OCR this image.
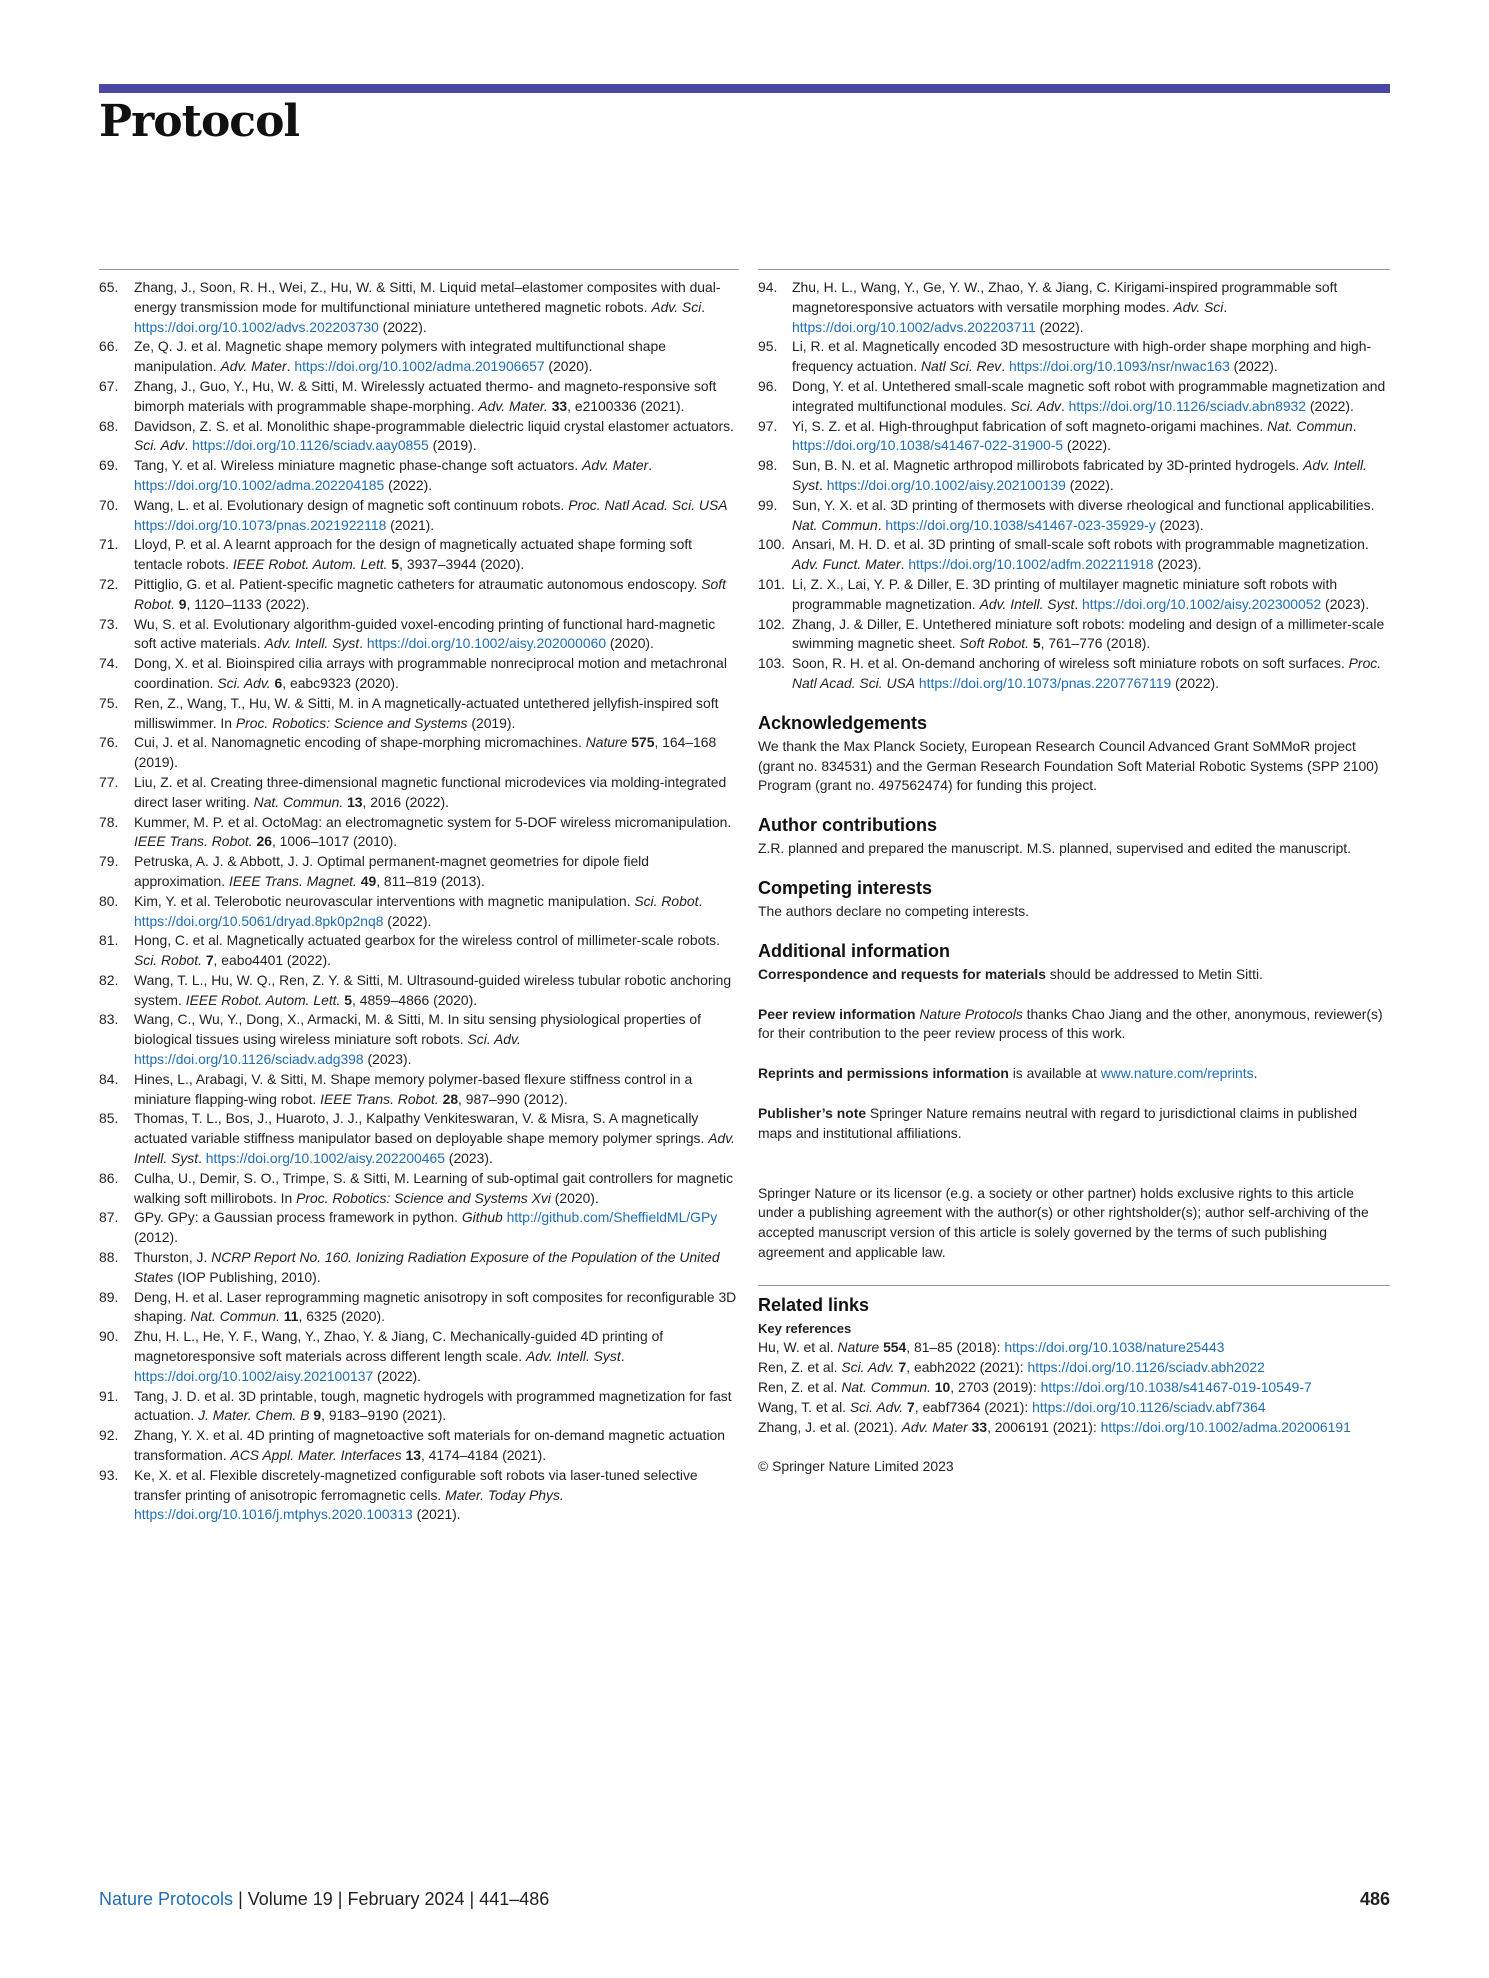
Protocol
65.	Zhang, J., Soon, R. H., Wei, Z., Hu, W. & Sitti, M. Liquid metal–elastomer composites with dual-energy transmission mode for multifunctional miniature untethered magnetic robots. Adv. Sci. https://doi.org/10.1002/advs.202203730 (2022).
66.	Ze, Q. J. et al. Magnetic shape memory polymers with integrated multifunctional shape manipulation. Adv. Mater. https://doi.org/10.1002/adma.201906657 (2020).
67.	Zhang, J., Guo, Y., Hu, W. & Sitti, M. Wirelessly actuated thermo- and magneto-responsive soft bimorph materials with programmable shape-morphing. Adv. Mater. 33, e2100336 (2021).
68.	Davidson, Z. S. et al. Monolithic shape-programmable dielectric liquid crystal elastomer actuators. Sci. Adv. https://doi.org/10.1126/sciadv.aay0855 (2019).
69.	Tang, Y. et al. Wireless miniature magnetic phase-change soft actuators. Adv. Mater. https://doi.org/10.1002/adma.202204185 (2022).
70.	Wang, L. et al. Evolutionary design of magnetic soft continuum robots. Proc. Natl Acad. Sci. USA https://doi.org/10.1073/pnas.2021922118 (2021).
71.	Lloyd, P. et al. A learnt approach for the design of magnetically actuated shape forming soft tentacle robots. IEEE Robot. Autom. Lett. 5, 3937–3944 (2020).
72.	Pittiglio, G. et al. Patient-specific magnetic catheters for atraumatic autonomous endoscopy. Soft Robot. 9, 1120–1133 (2022).
73.	Wu, S. et al. Evolutionary algorithm-guided voxel-encoding printing of functional hard-magnetic soft active materials. Adv. Intell. Syst. https://doi.org/10.1002/aisy.202000060 (2020).
74.	Dong, X. et al. Bioinspired cilia arrays with programmable nonreciprocal motion and metachronal coordination. Sci. Adv. 6, eabc9323 (2020).
75.	Ren, Z., Wang, T., Hu, W. & Sitti, M. in A magnetically-actuated untethered jellyfish-inspired soft milliswimmer. In Proc. Robotics: Science and Systems (2019).
76.	Cui, J. et al. Nanomagnetic encoding of shape-morphing micromachines. Nature 575, 164–168 (2019).
77.	Liu, Z. et al. Creating three-dimensional magnetic functional microdevices via molding-integrated direct laser writing. Nat. Commun. 13, 2016 (2022).
78.	Kummer, M. P. et al. OctoMag: an electromagnetic system for 5-DOF wireless micromanipulation. IEEE Trans. Robot. 26, 1006–1017 (2010).
79.	Petruska, A. J. & Abbott, J. J. Optimal permanent-magnet geometries for dipole field approximation. IEEE Trans. Magnet. 49, 811–819 (2013).
80.	Kim, Y. et al. Telerobotic neurovascular interventions with magnetic manipulation. Sci. Robot. https://doi.org/10.5061/dryad.8pk0p2nq8 (2022).
81.	Hong, C. et al. Magnetically actuated gearbox for the wireless control of millimeter-scale robots. Sci. Robot. 7, eabo4401 (2022).
82.	Wang, T. L., Hu, W. Q., Ren, Z. Y. & Sitti, M. Ultrasound-guided wireless tubular robotic anchoring system. IEEE Robot. Autom. Lett. 5, 4859–4866 (2020).
83.	Wang, C., Wu, Y., Dong, X., Armacki, M. & Sitti, M. In situ sensing physiological properties of biological tissues using wireless miniature soft robots. Sci. Adv. https://doi.org/10.1126/sciadv.adg398 (2023).
84.	Hines, L., Arabagi, V. & Sitti, M. Shape memory polymer-based flexure stiffness control in a miniature flapping-wing robot. IEEE Trans. Robot. 28, 987–990 (2012).
85.	Thomas, T. L., Bos, J., Huaroto, J. J., Kalpathy Venkiteswaran, V. & Misra, S. A magnetically actuated variable stiffness manipulator based on deployable shape memory polymer springs. Adv. Intell. Syst. https://doi.org/10.1002/aisy.202200465 (2023).
86.	Culha, U., Demir, S. O., Trimpe, S. & Sitti, M. Learning of sub-optimal gait controllers for magnetic walking soft millirobots. In Proc. Robotics: Science and Systems Xvi (2020).
87.	GPy. GPy: a Gaussian process framework in python. Github http://github.com/SheffieldML/GPy (2012).
88.	Thurston, J. NCRP Report No. 160. Ionizing Radiation Exposure of the Population of the United States (IOP Publishing, 2010).
89.	Deng, H. et al. Laser reprogramming magnetic anisotropy in soft composites for reconfigurable 3D shaping. Nat. Commun. 11, 6325 (2020).
90.	Zhu, H. L., He, Y. F., Wang, Y., Zhao, Y. & Jiang, C. Mechanically-guided 4D printing of magnetoresponsive soft materials across different length scale. Adv. Intell. Syst. https://doi.org/10.1002/aisy.202100137 (2022).
91.	Tang, J. D. et al. 3D printable, tough, magnetic hydrogels with programmed magnetization for fast actuation. J. Mater. Chem. B 9, 9183–9190 (2021).
92.	Zhang, Y. X. et al. 4D printing of magnetoactive soft materials for on-demand magnetic actuation transformation. ACS Appl. Mater. Interfaces 13, 4174–4184 (2021).
93.	Ke, X. et al. Flexible discretely-magnetized configurable soft robots via laser-tuned selective transfer printing of anisotropic ferromagnetic cells. Mater. Today Phys. https://doi.org/10.1016/j.mtphys.2020.100313 (2021).
94.	Zhu, H. L., Wang, Y., Ge, Y. W., Zhao, Y. & Jiang, C. Kirigami-inspired programmable soft magnetoresponsive actuators with versatile morphing modes. Adv. Sci. https://doi.org/10.1002/advs.202203711 (2022).
95.	Li, R. et al. Magnetically encoded 3D mesostructure with high-order shape morphing and high-frequency actuation. Natl Sci. Rev. https://doi.org/10.1093/nsr/nwac163 (2022).
96.	Dong, Y. et al. Untethered small-scale magnetic soft robot with programmable magnetization and integrated multifunctional modules. Sci. Adv. https://doi.org/10.1126/sciadv.abn8932 (2022).
97.	Yi, S. Z. et al. High-throughput fabrication of soft magneto-origami machines. Nat. Commun. https://doi.org/10.1038/s41467-022-31900-5 (2022).
98.	Sun, B. N. et al. Magnetic arthropod millirobots fabricated by 3D-printed hydrogels. Adv. Intell. Syst. https://doi.org/10.1002/aisy.202100139 (2022).
99.	Sun, Y. X. et al. 3D printing of thermosets with diverse rheological and functional applicabilities. Nat. Commun. https://doi.org/10.1038/s41467-023-35929-y (2023).
100. Ansari, M. H. D. et al. 3D printing of small-scale soft robots with programmable magnetization. Adv. Funct. Mater. https://doi.org/10.1002/adfm.202211918 (2023).
101. Li, Z. X., Lai, Y. P. & Diller, E. 3D printing of multilayer magnetic miniature soft robots with programmable magnetization. Adv. Intell. Syst. https://doi.org/10.1002/aisy.202300052 (2023).
102. Zhang, J. & Diller, E. Untethered miniature soft robots: modeling and design of a millimeter-scale swimming magnetic sheet. Soft Robot. 5, 761–776 (2018).
103. Soon, R. H. et al. On-demand anchoring of wireless soft miniature robots on soft surfaces. Proc. Natl Acad. Sci. USA https://doi.org/10.1073/pnas.2207767119 (2022).
Acknowledgements
We thank the Max Planck Society, European Research Council Advanced Grant SoMMoR project (grant no. 834531) and the German Research Foundation Soft Material Robotic Systems (SPP 2100) Program (grant no. 497562474) for funding this project.
Author contributions
Z.R. planned and prepared the manuscript. M.S. planned, supervised and edited the manuscript.
Competing interests
The authors declare no competing interests.
Additional information
Correspondence and requests for materials should be addressed to Metin Sitti.
Peer review information Nature Protocols thanks Chao Jiang and the other, anonymous, reviewer(s) for their contribution to the peer review process of this work.
Reprints and permissions information is available at www.nature.com/reprints.
Publisher’s note Springer Nature remains neutral with regard to jurisdictional claims in published maps and institutional affiliations.
Springer Nature or its licensor (e.g. a society or other partner) holds exclusive rights to this article under a publishing agreement with the author(s) or other rightsholder(s); author self-archiving of the accepted manuscript version of this article is solely governed by the terms of such publishing agreement and applicable law.
Related links
Key references
Hu, W. et al. Nature 554, 81–85 (2018): https://doi.org/10.1038/nature25443
Ren, Z. et al. Sci. Adv. 7, eabh2022 (2021): https://doi.org/10.1126/sciadv.abh2022
Ren, Z. et al. Nat. Commun. 10, 2703 (2019): https://doi.org/10.1038/s41467-019-10549-7
Wang, T. et al. Sci. Adv. 7, eabf7364 (2021): https://doi.org/10.1126/sciadv.abf7364
Zhang, J. et al. (2021). Adv. Mater 33, 2006191 (2021): https://doi.org/10.1002/adma.202006191
© Springer Nature Limited 2023
Nature Protocols | Volume 19 | February 2024 | 441–486	486
